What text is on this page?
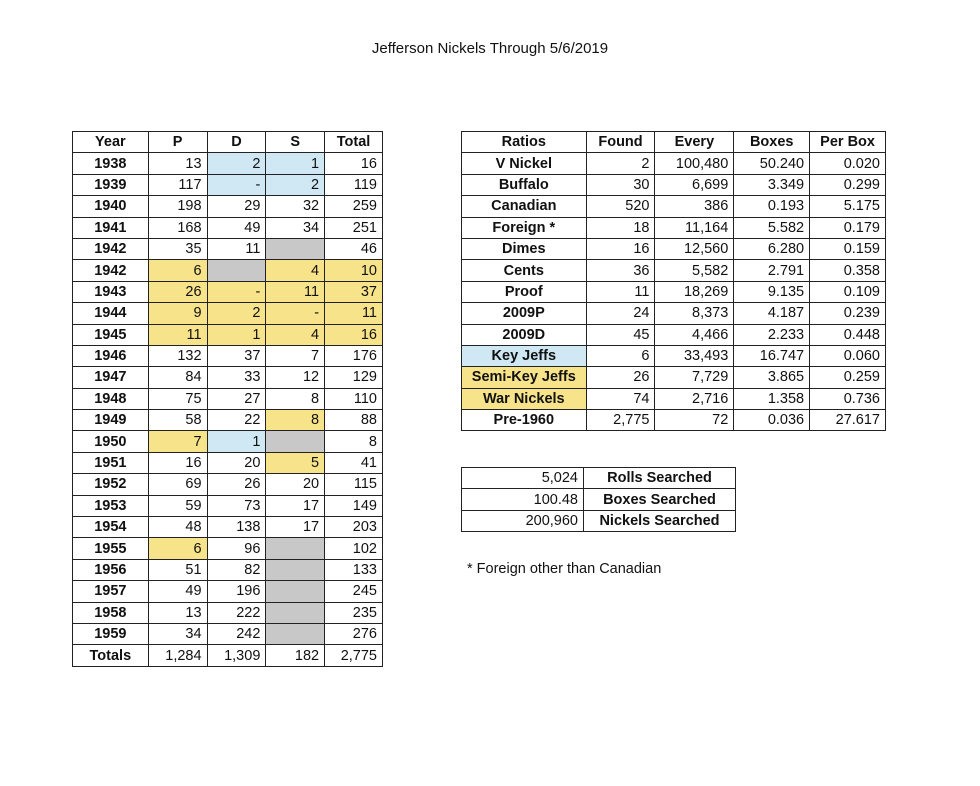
Jefferson Nickels Through 5/6/2019
Year	P	D	S	Total
1938	13	2	1	16
1939	117	-	2	119
1940	198	29	32	259
1941	168	49	34	251
1942	35	11		46
1942	6		4	10
1943	26	-	11	37
1944	9	2	-	11
1945	11	1	4	16
1946	132	37	7	176
1947	84	33	12	129
1948	75	27	8	110
1949	58	22	8	88
1950	7	1		8
1951	16	20	5	41
1952	69	26	20	115
1953	59	73	17	149
1954	48	138	17	203
1955	6	96		102
1956	51	82		133
1957	49	196		245
1958	13	222		235
1959	34	242		276
Totals	1,284	1,309	182	2,775
Ratios	Found	Every	Boxes	Per Box
V Nickel	2	100,480	50.240	0.020
Buffalo	30	6,699	3.349	0.299
Canadian	520	386	0.193	5.175
Foreign *	18	11,164	5.582	0.179
Dimes	16	12,560	6.280	0.159
Cents	36	5,582	2.791	0.358
Proof	11	18,269	9.135	0.109
2009P	24	8,373	4.187	0.239
2009D	45	4,466	2.233	0.448
Key Jeffs	6	33,493	16.747	0.060
Semi-Key Jeffs	26	7,729	3.865	0.259
War Nickels	74	2,716	1.358	0.736
Pre-1960	2,775	72	0.036	27.617
5,024	Rolls Searched
100.48	Boxes Searched
200,960	Nickels Searched
* Foreign other than Canadian
